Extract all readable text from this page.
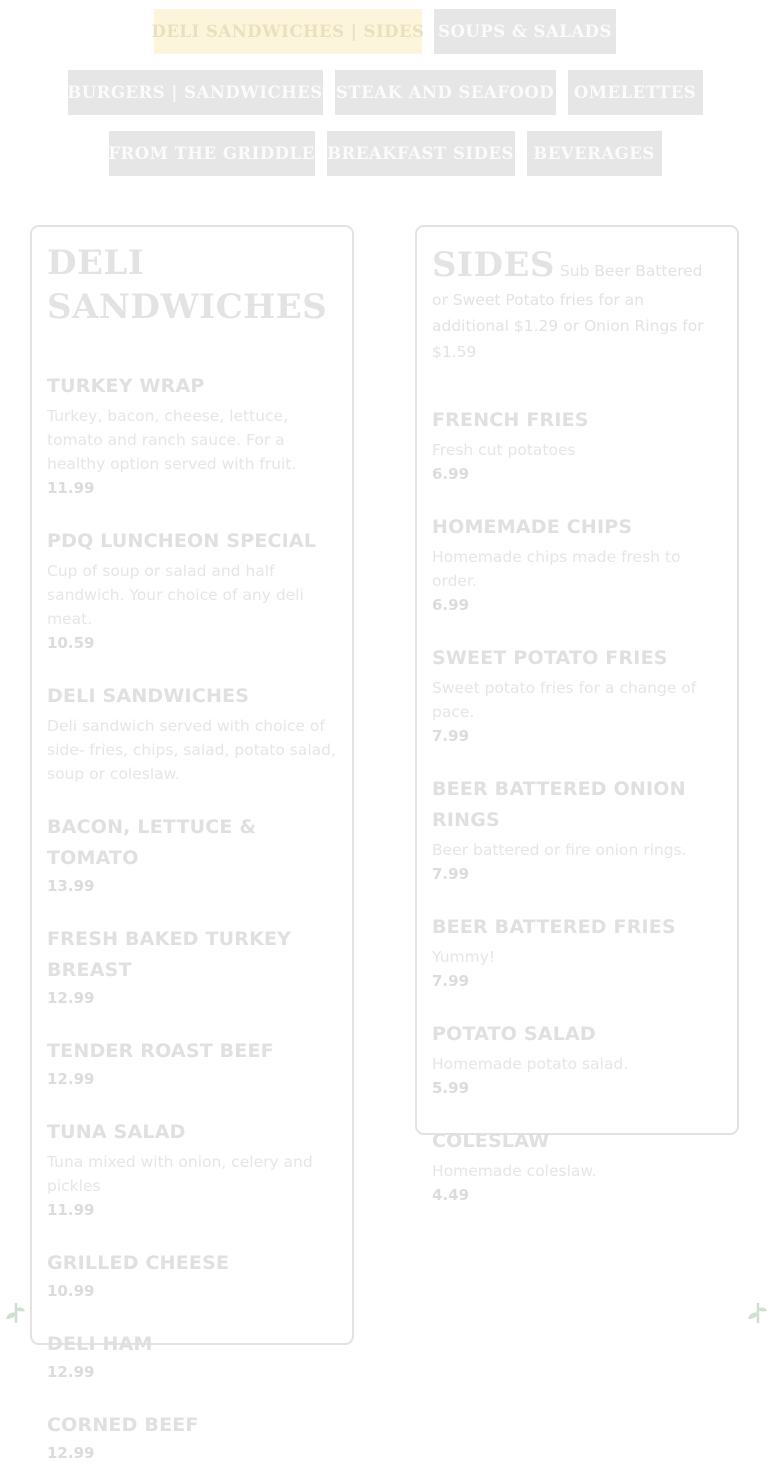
DELI SANDWICHES | SIDES SOUPS & SALADS
BURGERS | SANDWICHES STEAK AND SEAFOOD	OMELETTES
FROM THE GRIDDLE BREAKFAST SIDES	BEVERAGES
DELI SANDWICHES
TURKEY WRAP
Turkey, bacon, cheese, lettuce, tomato and ranch sauce. For a healthy option served with fruit.
11.99
PDQ LUNCHEON SPECIAL
Cup of soup or salad and half sandwich. Your choice of any deli meat.
10.59
DELI SANDWICHES
Deli sandwich served with choice of side- fries, chips, salad, potato salad, soup or coleslaw.
BACON, LETTUCE & TOMATO
13.99
FRESH BAKED TURKEY BREAST
12.99
TENDER ROAST BEEF
12.99
TUNA SALAD
Tuna mixed with onion, celery and pickles
11.99
GRILLED CHEESE
10.99
DELI HAM
12.99
CORNED BEEF
12.99

SIDES Sub Beer Battered or Sweet Potato fries for an additional $1.29 or Onion Rings for $1.59

FRENCH FRIES
Fresh cut potatoes
6.99
HOMEMADE CHIPS
Homemade chips made fresh to order.
6.99
SWEET POTATO FRIES
Sweet potato fries for a change of pace.
7.99
BEER BATTERED ONION RINGS
Beer battered or fire onion rings.
7.99
BEER BATTERED FRIES
Yummy!
7.99
POTATO SALAD
Homemade potato salad.
5.99
COLESLAW
Homemade coleslaw.
4.49
